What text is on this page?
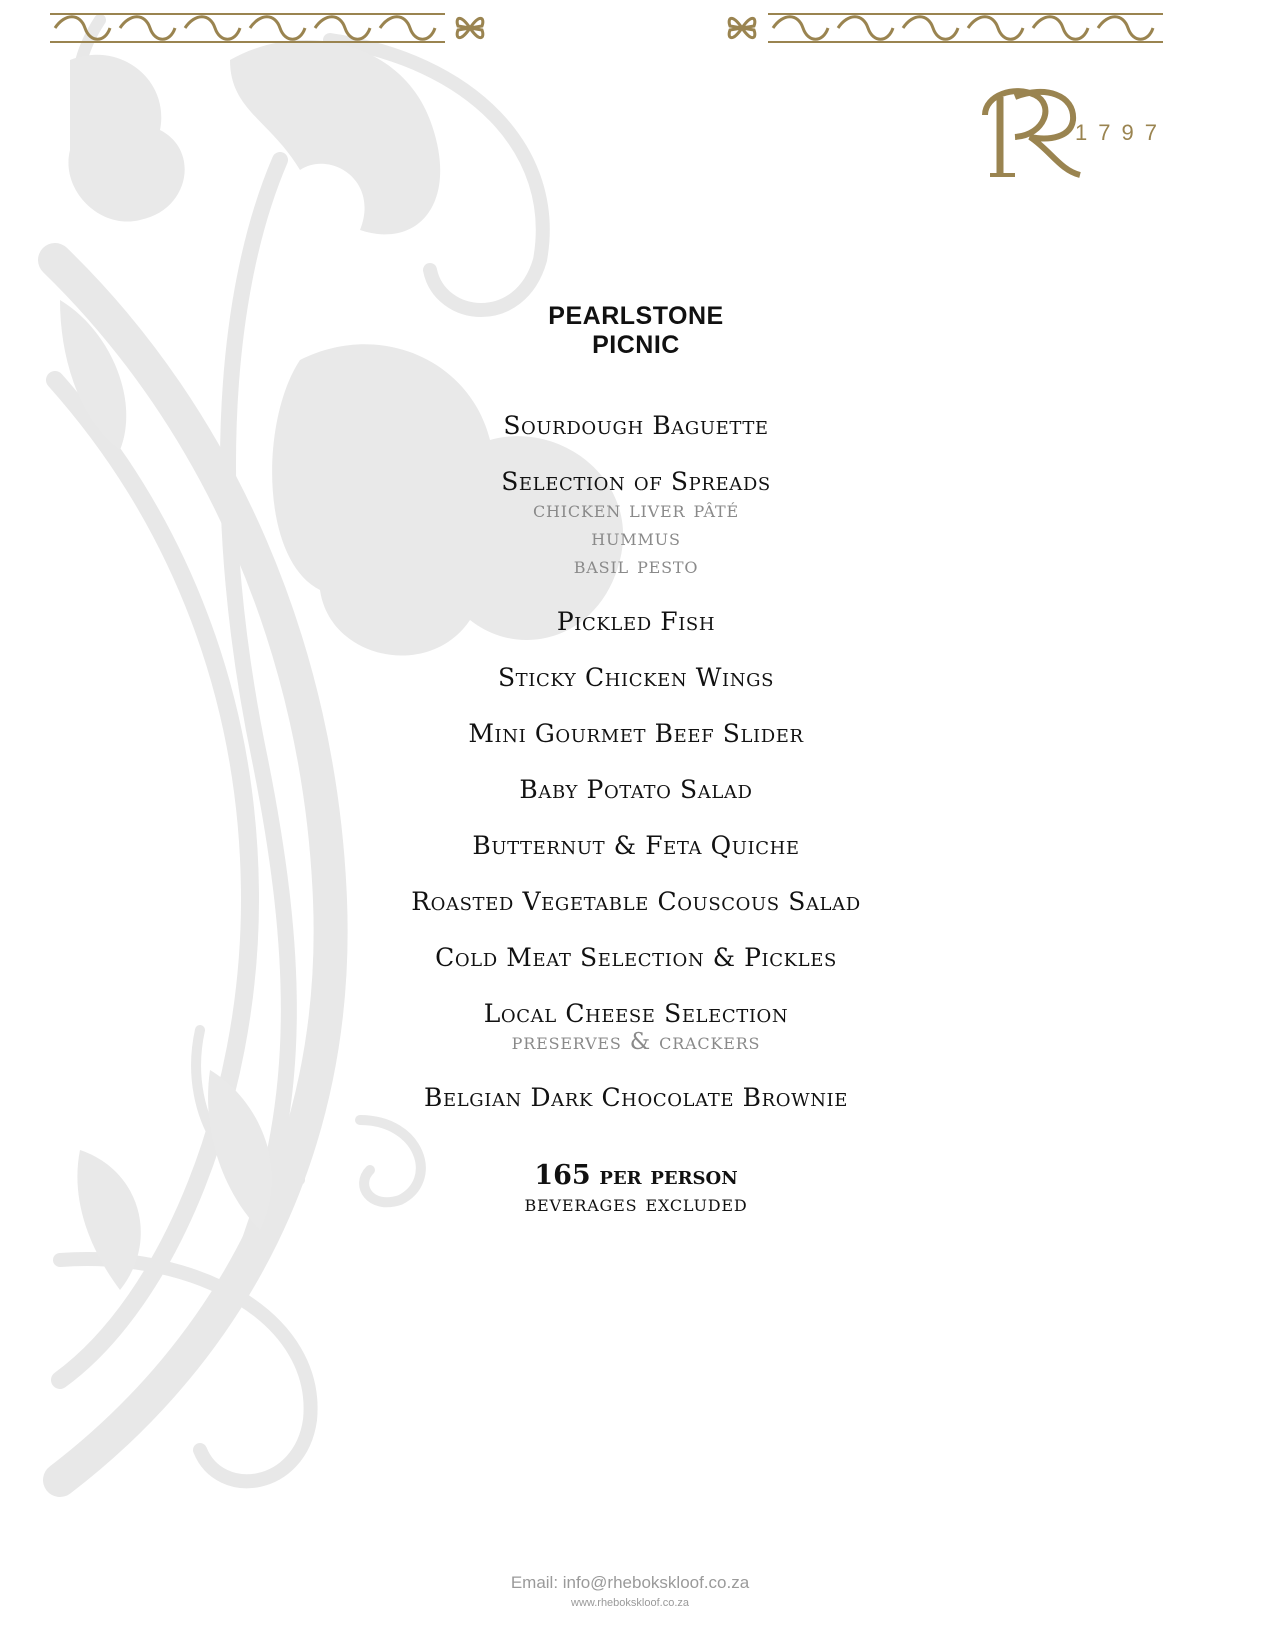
1797
PEARLSTONE
PICNIC
Sourdough Baguette
Selection of Spreads
chicken liver pâté
hummus
basil pesto
Pickled Fish
Sticky Chicken Wings
Mini Gourmet Beef Slider
Baby Potato Salad
Butternut & Feta Quiche
Roasted Vegetable Couscous Salad
Cold Meat Selection & Pickles
Local Cheese Selection
preserves & crackers
Belgian Dark Chocolate Brownie
165 per person
beverages excluded
Email: info@rhebokskloof.co.za
www.rhebokskloof.co.za
